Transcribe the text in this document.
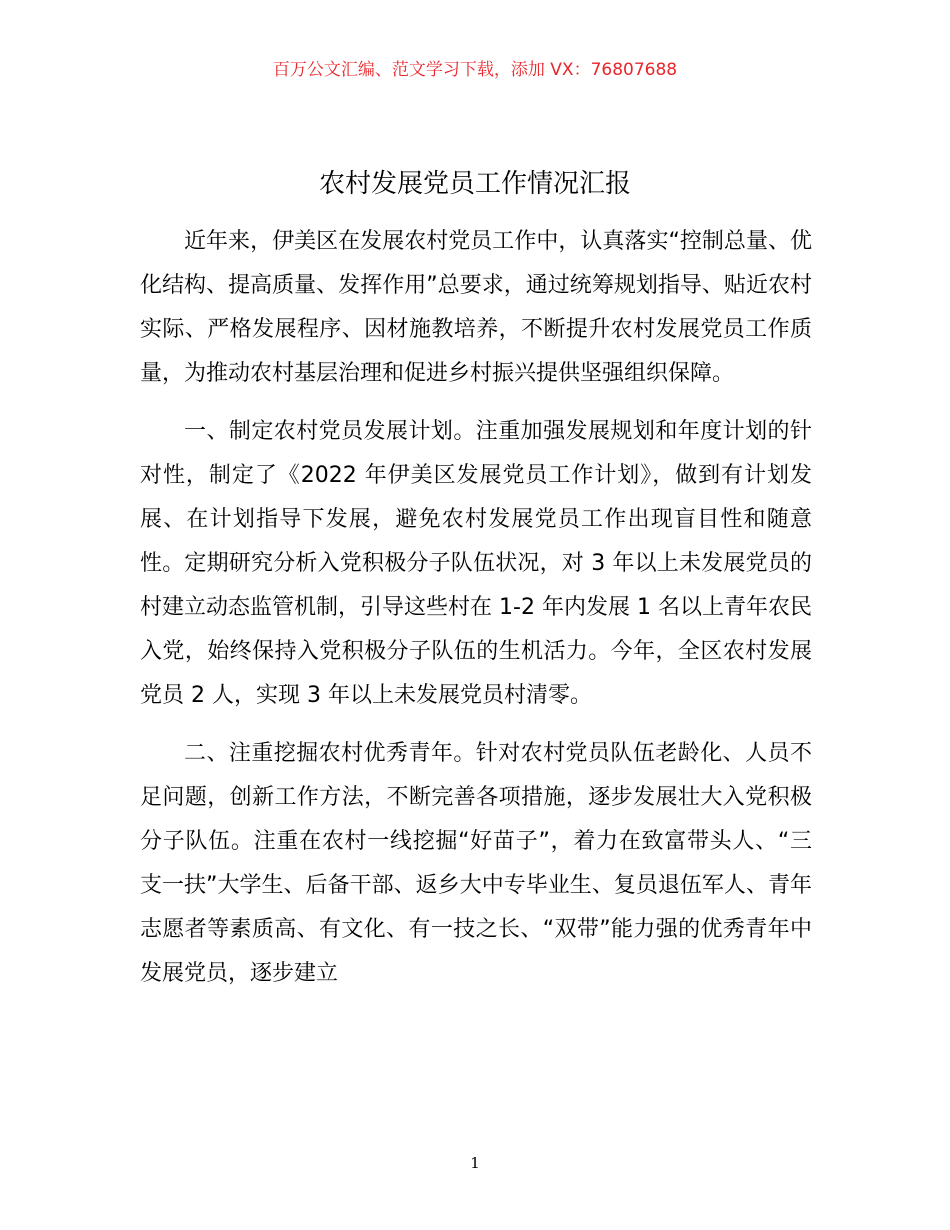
百万公文汇编、范文学习下载，添加 VX：76807688
农村发展党员工作情况汇报

近年来，伊美区在发展农村党员工作中，认真落实“控制总量、优化结构、提高质量、发挥作用”总要求，通过统筹规划指导、贴近农村实际、严格发展程序、因材施教培养，不断提升农村发展党员工作质量，为推动农村基层治理和促进乡村振兴提供坚强组织保障。

一、制定农村党员发展计划。注重加强发展规划和年度计划的针对性，制定了《2022 年伊美区发展党员工作计划》，做到有计划发展、在计划指导下发展，避免农村发展党员工作出现盲目性和随意性。定期研究分析入党积极分子队伍状况，对 3 年以上未发展党员的村建立动态监管机制，引导这些村在 1-2 年内发展 1 名以上青年农民入党，始终保持入党积极分子队伍的生机活力。今年，全区农村发展党员 2 人，实现 3 年以上未发展党员村清零。

二、注重挖掘农村优秀青年。针对农村党员队伍老龄化、人员不足问题，创新工作方法，不断完善各项措施，逐步发展壮大入党积极分子队伍。注重在农村一线挖掘“好苗子”，着力在致富带头人、“三支一扶”大学生、后备干部、返乡大中专毕业生、复员退伍军人、青年志愿者等素质高、有文化、有一技之长、“双带”能力强的优秀青年中发展党员，逐步建立

1
